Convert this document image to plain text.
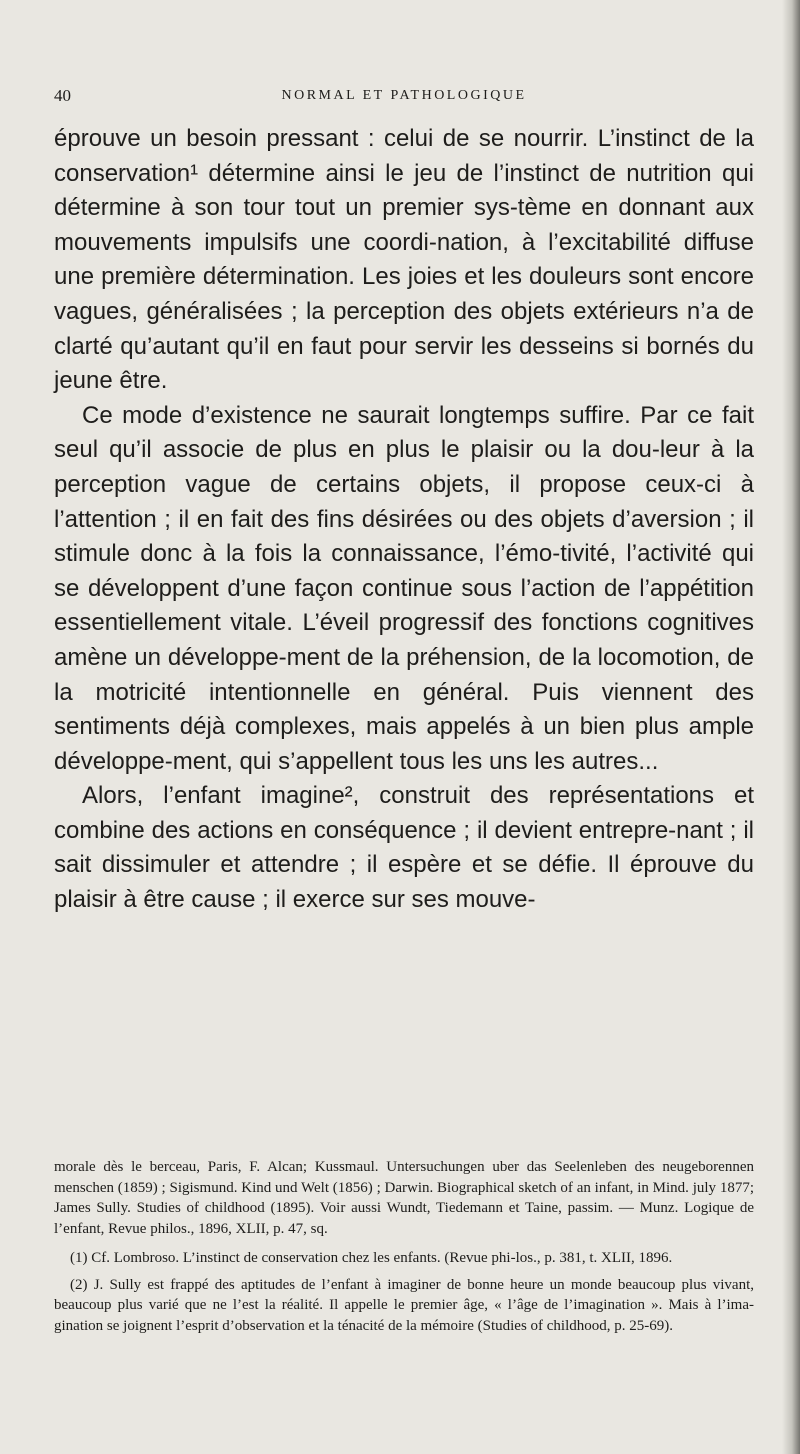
40	NORMAL ET PATHOLOGIQUE

éprouve un besoin pressant : celui de se nourrir. L’instinct de la conservation¹ détermine ainsi le jeu de l’instinct de nutrition qui détermine à son tour tout un premier sys-tème en donnant aux mouvements impulsifs une coordi-nation, à l’excitabilité diffuse une première détermination. Les joies et les douleurs sont encore vagues, généralisées ; la perception des objets extérieurs n’a de clarté qu’autant qu’il en faut pour servir les desseins si bornés du jeune être.

Ce mode d’existence ne saurait longtemps suffire. Par ce fait seul qu’il associe de plus en plus le plaisir ou la dou-leur à la perception vague de certains objets, il propose ceux-ci à l’attention ; il en fait des fins désirées ou des objets d’aversion ; il stimule donc à la fois la connaissance, l’émo-tivité, l’activité qui se développent d’une façon continue sous l’action de l’appétition essentiellement vitale. L’éveil progressif des fonctions cognitives amène un développe-ment de la préhension, de la locomotion, de la motricité intentionnelle en général. Puis viennent des sentiments déjà complexes, mais appelés à un bien plus ample développe-ment, qui s’appellent tous les uns les autres...

Alors, l’enfant imagine², construit des représentations et combine des actions en conséquence ; il devient entrepre-nant ; il sait dissimuler et attendre ; il espère et se défie. Il éprouve du plaisir à être cause ; il exerce sur ses mouve-

morale dès le berceau, Paris, F. Alcan; Kussmaul. Untersuchungen uber das Seelenleben des neugeborennen menschen (1859) ; Sigismund. Kind und Welt (1856) ; Darwin. Biographical sketch of an infant, in Mind. july 1877; James Sully. Studies of childhood (1895). Voir aussi Wundt, Tiedemann et Taine, passim. — Munz. Logique de l’enfant, Revue philos., 1896, XLII, p. 47, sq.

(1) Cf. Lombroso. L’instinct de conservation chez les enfants. (Revue phi-los., p. 381, t. XLII, 1896.

(2) J. Sully est frappé des aptitudes de l’enfant à imaginer de bonne heure un monde beaucoup plus vivant, beaucoup plus varié que ne l’est la réalité. Il appelle le premier âge, « l’âge de l’imagination ». Mais à l’ima-gination se joignent l’esprit d’observation et la ténacité de la mémoire (Studies of childhood, p. 25-69).
